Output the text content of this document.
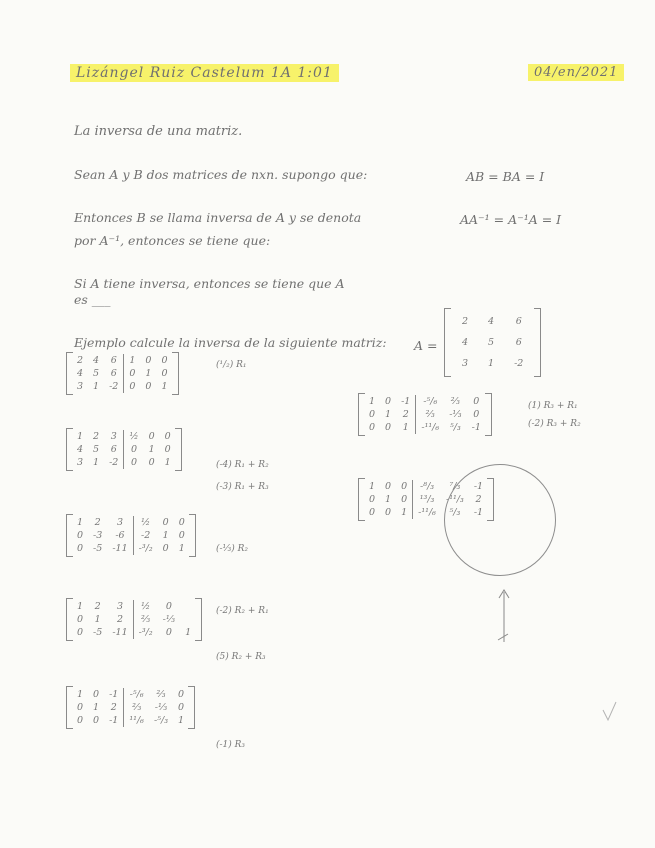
Lizángel Ruiz Castelum 1A 1:01	04/en/2021
La inversa de una matriz.
Sean A y B dos matrices de nxn. supongo que:	AB = BA = I
Entonces B se llama inversa de A y se denota	AA⁻¹ = A⁻¹A = I
por A⁻¹, entonces se tiene que:
Si A tiene inversa, entonces se tiene que A
es ___
Ejemplo calcule la inversa de la siguiente matriz: A =
2	4	6
4	5	6
3	1	-2
2	4	6	1	0	0
4	5	6	0	1	0
3	1	-2	0	0	1
(¹/₂) R₁
1	2	3	½	0	0
4	5	6	0	1	0
3	1	-2	0	0	1	(-4) R₁ + R₂
(-3) R₁ + R₃
1	2	3	½	0	0
0	-3	-6	-2	1	0
0	-5	-11	-³/₂	0	1	(-⅓) R₂
1	2	3	½	0	
0	1	2	⅔	-⅓	
0	-5	-11	-³/₂	0	1
(-2) R₂ + R₁
(5) R₂ + R₃
1	0	-1	-⁵/₆	⅔	0
0	1	2	⅔	-⅓	0
0	0	-1	¹¹/₆	-⁵/₃	1
(-1) R₃
1	0	-1	-⁵/₆	⅔	0
0	1	2	⅔	-⅓	0
0	0	1	-¹¹/₆	⁵/₃	-1
(1) R₃ + R₁
(-2) R₃ + R₂
1	0	0	-⁸/₃	⁷/₃	-1
0	1	0	¹³/₃	-¹¹/₃	2
0	0	1	-¹¹/₆	⁵/₃	-1
